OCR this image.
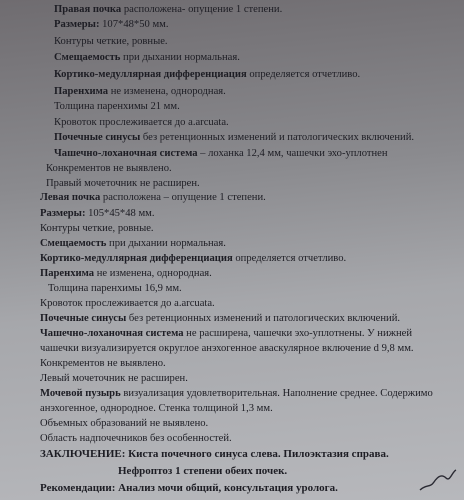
Правая почка расположена- опущение 1 степени.
Размеры: 107*48*50 мм.
Контуры четкие, ровные.
Смещаемость при дыхании нормальная.
Кортико-медуллярная дифференциация определяется отчетливо.
Паренхима не изменена, однородная.
Толщина паренхимы 21 мм.
Кровоток прослеживается до a.arcuata.
Почечные синусы без ретенционных изменений и патологических включений.
Чашечно-лоханочная система – лоханка 12,4 мм, чашечки эхо-уплотнен
Конкрементов не выявлено.
Правый мочеточник не расширен.
Левая почка расположена – опущение 1 степени.
Размеры: 105*45*48 мм.
Контуры четкие, ровные.
Смещаемость при дыхании нормальная.
Кортико-медуллярная дифференциация определяется отчетливо.
Паренхима не изменена, однородная.
Толщина паренхимы 16,9 мм.
Кровоток прослеживается до a.arcuata.
Почечные синусы без ретенционных изменений и патологических включений.
Чашечно-лоханочная система не расширена, чашечки эхо-уплотнены. У нижней
чашечки визуализируется округлое анэхогенное аваскулярное включение d 9,8 мм.
Конкрементов не выявлено.
Левый мочеточник не расширен.
Мочевой пузырь визуализация удовлетворительная. Наполнение среднее. Содержимо
анэхогенное, однородное. Стенка толщиной 1,3 мм.
Объемных образований не выявлено.
Область надпочечников без особенностей.
ЗАКЛЮЧЕНИЕ: Киста почечного синуса слева. Пилоэктазия справа.
Нефроптоз 1 степени обеих почек.
Рекомендации: Анализ мочи общий, консультация уролога.
